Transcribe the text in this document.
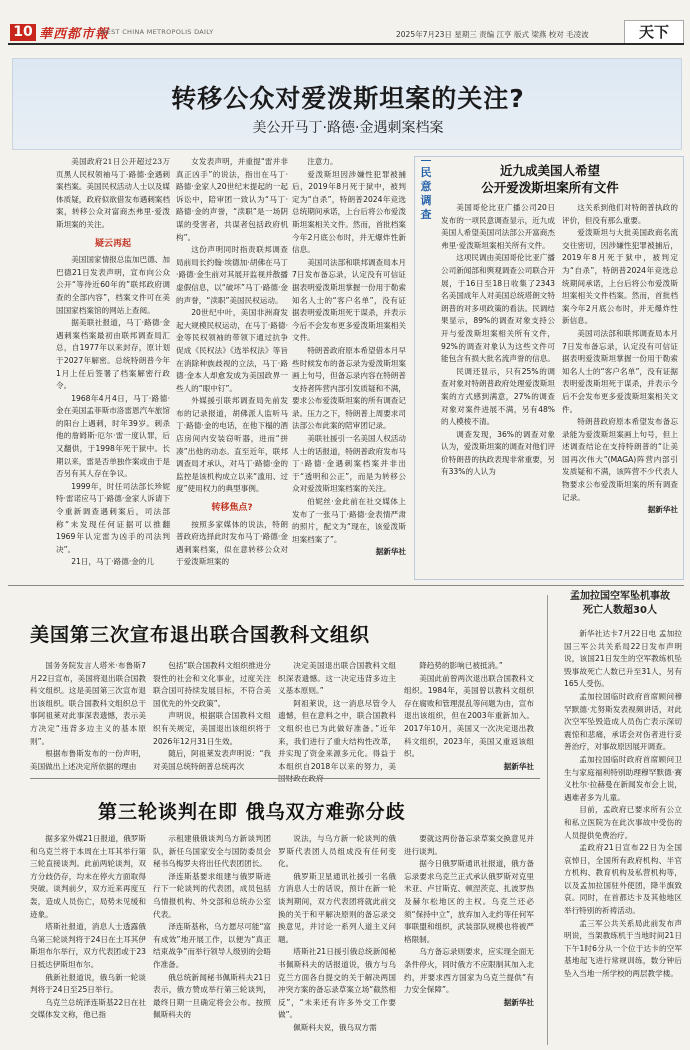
10 華西都市報
WEST CHINA METROPOLIS DAILY	2025年7月23日 星期三 责编 江亨 版式 梁燕 校对 毛凌波	天下
转移公众对爱泼斯坦案的关注?
美公开马丁·路德·金遇刺案档案
美国政府21日公开超过23万页黑人民权领袖马丁·路德·金遇刺案档案。美国民权活动人士以及媒体质疑，政府似欲借发布遇刺案档案，转移公众对富商杰弗里·爱泼斯坦案的关注。
疑云再起

美国国家情报总监加巴德、加巴德21日发表声明，宣布向公众公开“等待近60年的”联邦政府调查的全部内容”，档案文件可在美国国家档案馆的网站上查阅。

据美联社报道，马丁·路德·金遇刺案档案最初由联邦调查局汇总，自1977年以来封存，原计划于2027年解密。总统特朗普今年1月上任后签署了档案解密行政令。

1968年4月4日，马丁·路德·金在美国孟菲斯市洛雷恩汽车旅馆的阳台上遇刺，时年39岁。刺杀他的詹姆斯·厄尔·雷一度认罪，后又翻供，于1998年死于狱中。长期以来，雷是否单独作案或由于是否另有其人存在争议。

1999年，时任司法部长珍妮特·雷诺应马丁·路德·金家人诉请下令重新调查遇刺案后，司法部称“未发现任何证据可以推翻1969年认定雷为凶手的司法判决”。

21日，马丁·路德·金的儿

女发表声明，并重提“雷并非真正凶手”的说法，指出在马丁·路德·金家人20世纪末提起的一起诉讼中，陪审团一致认为“马丁·路德·金的声誉，“渎职”是一场阴谋的受害者，共谋者包括政府机构”。

这份声明同时指责联邦调查局前局长约翰·埃德加·胡佛在马丁·路德·金生前对其展开监视并散播虚假信息，以“破坏”马丁·路德·金的声誉，“渎职”美国民权运动。

20世纪中叶，美国非洲裔发起大规模民权运动，在马丁·路德·金等民权领袖的带领下通过抗争促成《民权法》《选举权法》等旨在消除种族歧视的立法，马丁·路德·金本人却愈发成为美国政界一些人的“眼中钉”。

外媒援引联邦调查局先前发布的记录报道，胡佛派人监听马丁·路德·金的电话，在他下榻的酒店房间内安装窃听器，进而“拼凑”出他的动态。直至近年，联邦调查局才承认，对马丁·路德·金的监控是该机构成立以来“滥用、过度”使用权力的典型事例。

转移焦点?

按照多家媒体的说法，特朗普政府选择此时发布马丁·路德·金遇刺案档案，似在意转移公众对于爱泼斯坦案的

注意力。

爱泼斯坦因涉嫌性犯罪被捕后，2019年8月死于狱中，被判定为“自杀”，特朗普2024年竞选总统期间承诺，上台后将公布爱泼斯坦案相关文件。然而，首批档案今年2月底公布时，并无爆炸性新信息。

美国司法部和联邦调查局本月7日发布备忘录，认定没有可信证据表明爱泼斯坦掌握一份用于勒索知名人士的“客户名单”，没有证据表明爱泼斯坦死于谋杀，并表示今后不会发布更多爱泼斯坦案相关文件。

特朗普政府原本希望借本月早些时候发布的备忘录为爱泼斯坦案画上句号，但备忘录内容在特朗普支持者阵营内部引发质疑和不满，要求公布爱泼斯坦案的所有调查记录。压力之下，特朗普上周要求司法部公布此案的陪审团记录。

美联社援引一名美国人权活动人士的话报道，特朗普政府发布马丁·路德·金遇刺案档案并非出于“透明和公正”，而是为转移公众对爱泼斯坦案档案的关注。

伯妮丝·金此前在社交媒体上发布了一张马丁·路德·金表情严肃的照片，配文为“现在，该爱泼斯坦案档案了”。

据新华社

民意调查
近九成美国人希望
公开爱泼斯坦案所有文件

美国哥伦比亚广播公司20日发布的一项民意调查显示，近九成美国人希望美国司法部公开富商杰弗里·爱泼斯坦案相关所有文件。

这项民调由美国哥伦比亚广播公司新闻部和舆观调查公司联合开展，于16日至18日收集了2343名美国成年人对美国总统塔朗文特朗普的对多项政策的看法。民调结果显示，89%的调查对象支持公开与爱泼斯坦案相关所有文件，92%的调查对象认为这些文件可能包含有损大批名流声誉的信息。

民调还显示，只有25%的调查对象对特朗普政府处理爱泼斯坦案的方式感到满意，27%的调查对象对案件进展不满，另有48%的人模棱不清。

调查发现，36%的调查对象认为，爱泼斯坦案的调查对他们评价特朗普的执政表现非常重要，另有33%的人认为

这关系到他们对特朗普执政的评价，但没有那么重要。

爱泼斯坦与大批美国政商名流交往密切，因涉嫌性犯罪被捕后，2019年8月死于狱中，被判定为“自杀”，特朗普2024年竞选总统期间承诺，上台后将公布爱泼斯坦案相关文件档案。然而，首批档案今年2月底公布时，并无爆炸性新信息。

美国司法部和联邦调查局本月7日发布备忘录，认定没有可信证据表明爱泼斯坦掌握一份用于勒索知名人士的“客户名单”，没有证据表明爱泼斯坦死于谋杀，并表示今后不会发布更多爱泼斯坦案相关文件。

特朗普政府原本希望发布备忘录能为爱泼斯坦案画上句号，但上述调查结论在支持特朗普的“让美国再次伟大”(MAGA)阵营内部引发质疑和不满，该阵营不少代表人物要求公布爱泼斯坦案的所有调查记录。

据新华社

美国第三次宣布退出联合国教科文组织

国务务院发言人塔米·布鲁斯7月22日宣布，美国将退出联合国教科文组织。这是美国第三次宣布退出该组织。联合国教科文组织总干事阿祖莱对此事深表遗憾，表示美方决定“违背多边主义的基本原则”。

根据布鲁斯发布的一份声明，美国做出上述决定所依据的理由

包括“联合国教科文组织推进分裂性的社会和文化事业，过度关注联合国可持续发展目标，不符合美国优先的外交政策”。

声明说，根据联合国教科文组织有关规定，美国退出该组织将于2026年12月31日生效。

随后，阿祖莱发表声明说：“我对美国总统特朗普总统再次

决定美国退出联合国教科文组织深表遗憾。这一决定违背多边主义基本原则。”

阿祖莱说，这一消息尽管令人遗憾，但在意料之中，联合国教科文组织也已为此做好准备。”近年来，我们进行了重大结构性改革，并实现了资金来源多元化。得益于本组织自2018年以来的努力，美

降趋势的影响已被抵消。”

美国此前曾两次退出联合国教科文组织。1984年，美国曾以教科文组织存在腐败和管理混乱等问题为由，宣布退出该组织，但在2003年重新加入。2017年10月，美国又一次决定退出教科文组织，2023年，美国又重返该组织。

据新华社

第三轮谈判在即 俄乌双方难弥分歧

据多家外媒21日报道，俄罗斯和乌克兰将于本周在土耳其举行第三轮直接谈判。此前两轮谈判，双方分歧仍存，均未在停火方面取得突破。谈判前夕，双方近来再度互轰，造成人员伤亡，局势未见缓和迹象。

塔斯社报道，消息人士透露俄乌第三轮谈判将于24日在土耳其伊斯坦布尔举行，双方代表团或于23日抵达伊斯坦布尔。

俄新社报道说，俄乌新一轮谈判将于24日至25日举行。

乌克兰总统泽连斯基22日在社交媒体发文称，他已指

示租建俄俄谈判乌方新谈判团队，新任乌国家安全与国防委员会秘书乌梅罗夫将出任代表团团长。

泽连斯基要求组建与俄罗斯进行下一轮谈判的代表团，成员包括乌情报机构、外交部和总统办公室代表。

泽连斯基称，乌方愿尽可能“富有成效”地开展工作，以便为“真正结束战争”而举行领导人级别的会晤作准备。

俄总统新闻秘书佩斯科夫21日表示，俄方赞成举行第三轮谈判，最终日期一旦确定将会公布。按照佩斯科夫的

说法，与乌方新一轮谈判的俄罗斯代表团人员组成没有任何变化。

俄罗斯卫星通讯社援引一名俄方消息人士的话说，预计在新一轮谈判期间，双方代表团将就此前交换的关于和平解决原则的备忘录交换意见，并讨论一系列人道主义问题。

塔斯社21日援引俄总统新闻秘书佩斯科夫的话报道说，俄方与乌克兰方面各自提交的关于解决两国冲突方案的备忘录草案立场“截然相反”，“未来还有许多外交工作要做”。

佩斯科夫说，俄乌双方需

要就这两份备忘录草案交换意见并进行谈判。

据今日俄罗斯通讯社报道，俄方备忘录要求乌克兰正式承认俄罗斯对克里米亚、卢甘斯克、顿涅茨克、扎波罗热及赫尔松地区的主权。乌克兰还必须“保持中立”，放弃加入北约等任何军事联盟和组织，武装部队规模也将被严格限制。

乌方备忘录则要求，应实现全面无条件停火，同时俄方不应限制其加入北约，并要求西方国家为乌克兰提供“有力安全保障”。

据新华社

孟加拉国空军坠机事故
死亡人数超30人

新华社达卡7月22日电 孟加拉国三军公共关系局22日发布声明说，该国21日发生的空军教练机坠毁事故死亡人数已升至31人，另有165人受伤。

孟加拉国临时政府首席顾问穆罕默德·尤努斯发表视频讲话，对此次空军坠毁造成人员伤亡表示深切震惊和悲痛，承诺会对伤者进行妥善治疗，对事故原因展开调查。

孟加拉国临时政府首席顾问卫生与家庭福利特别助理穆罕默德·赛义杜尔·拉赫曼在新闻发布会上说，遇难者多为儿童。

目前，孟政府已要求所有公立和私立医院为在此次事故中受伤的人员提供免费治疗。

孟政府21日宣布22日为全国哀悼日，全国所有政府机构、半官方机构、教育机构及私营机构等，以及孟加拉国驻外使团，降半旗致哀。同时，在首都达卡及其他地区举行特别的祈祷活动。

孟三军公共关系局此前发布声明说，当架教练机于当地时间21日下午1时6分从一个位于达卡的空军基地起飞进行常规训练，数分钟后坠入当地一所学校的两层教学楼。
